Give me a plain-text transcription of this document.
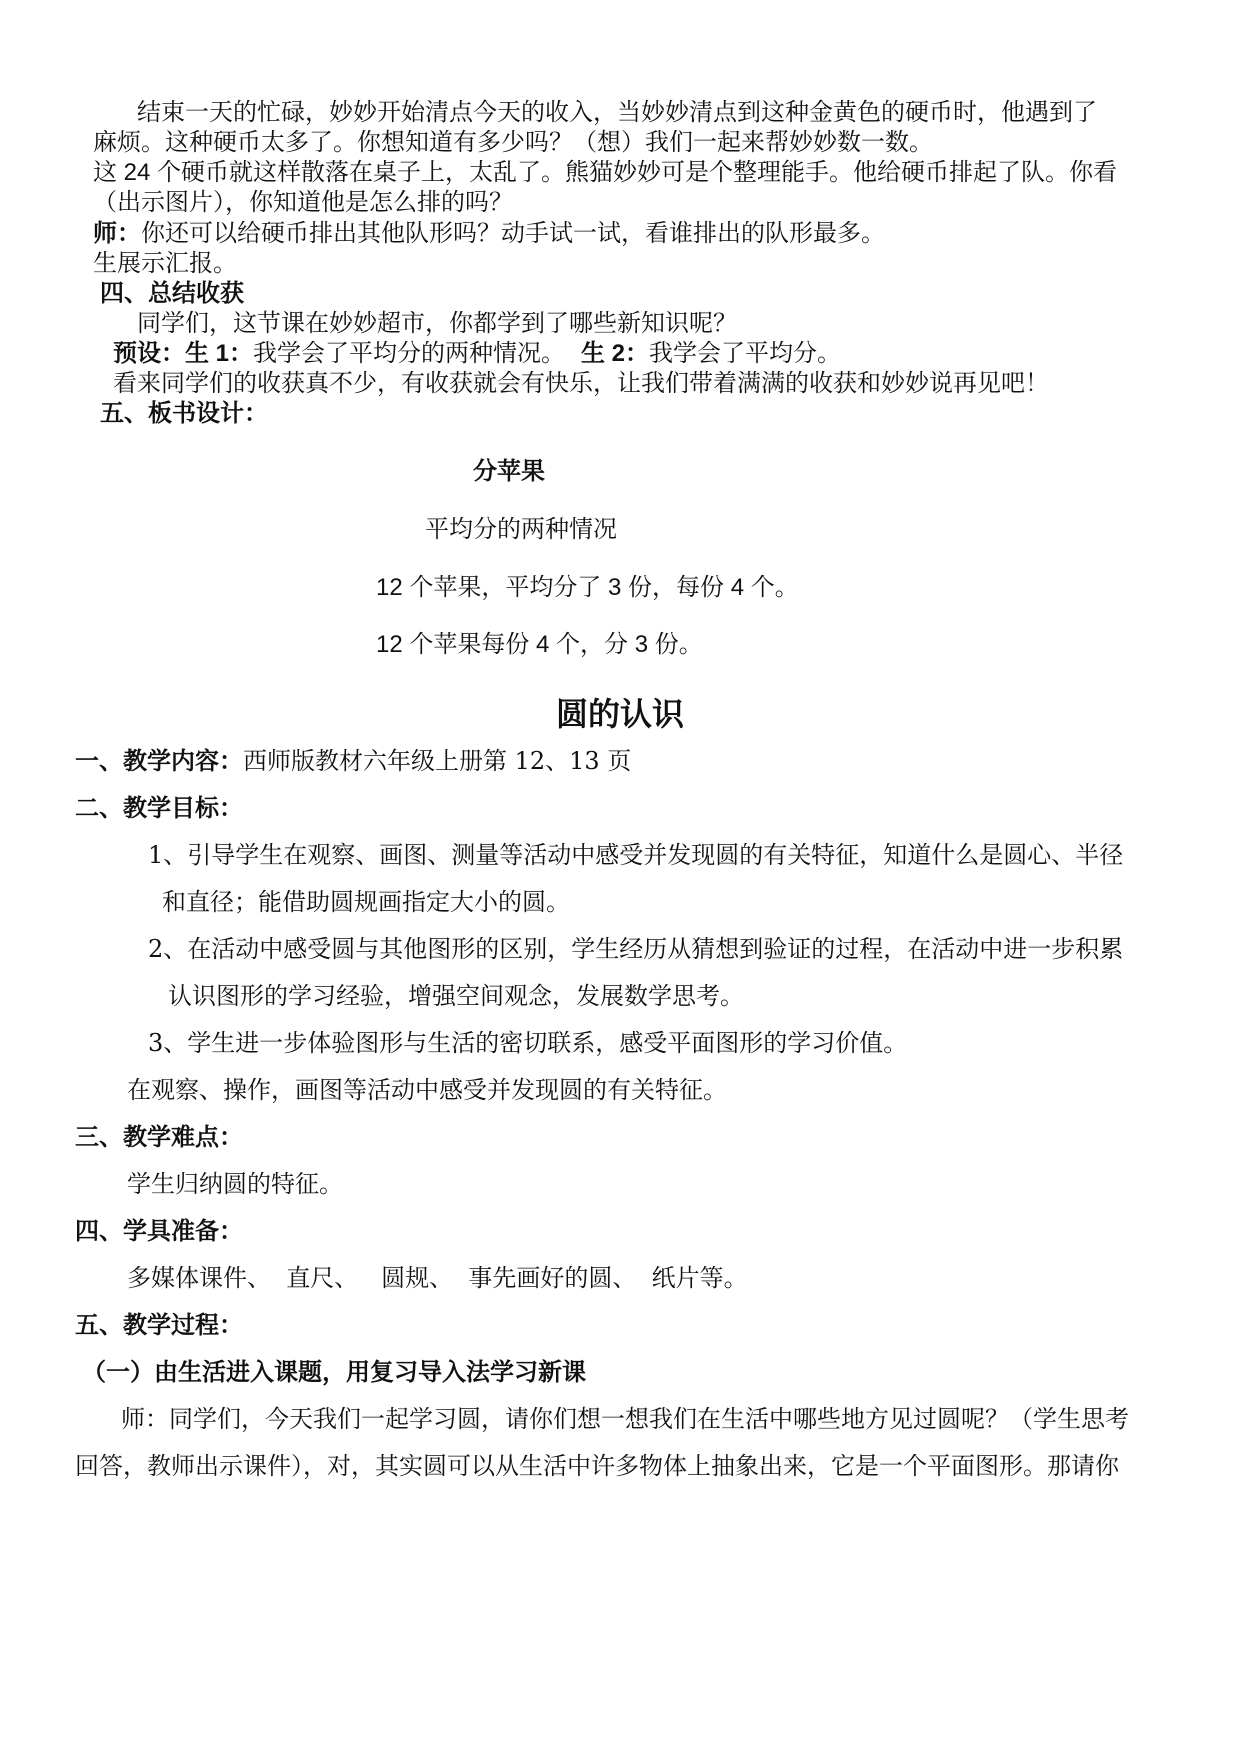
结束一天的忙碌，妙妙开始清点今天的收入，当妙妙清点到这种金黄色的硬币时，他遇到了
麻烦。这种硬币太多了。你想知道有多少吗？（想）我们一起来帮妙妙数一数。
这 24 个硬币就这样散落在桌子上，太乱了。熊猫妙妙可是个整理能手。他给硬币排起了队。你看
（出示图片），你知道他是怎么排的吗？
师：你还可以给硬币排出其他队形吗？动手试一试，看谁排出的队形最多。
生展示汇报。
四、总结收获
同学们，这节课在妙妙超市，你都学到了哪些新知识呢？
预设：生 1：我学会了平均分的两种情况。 生 2：我学会了平均分。
看来同学们的收获真不少，有收获就会有快乐，让我们带着满满的收获和妙妙说再见吧！
五、板书设计：
分苹果
平均分的两种情况
12 个苹果，平均分了 3 份，每份 4 个。
12 个苹果每份 4 个，分 3 份。
圆的认识
一、教学内容：西师版教材六年级上册第 12、13 页
二、教学目标：
1、引导学生在观察、画图、测量等活动中感受并发现圆的有关特征，知道什么是圆心、半径
和直径；能借助圆规画指定大小的圆。
2、在活动中感受圆与其他图形的区别，学生经历从猜想到验证的过程，在活动中进一步积累
认识图形的学习经验，增强空间观念，发展数学思考。
3、学生进一步体验图形与生活的密切联系，感受平面图形的学习价值。
在观察、操作，画图等活动中感受并发现圆的有关特征。
三、教学难点：
学生归纳圆的特征。
四、学具准备：
多媒体课件、  直尺、   圆规、  事先画好的圆、  纸片等。
五、教学过程：
（一）由生活进入课题，用复习导入法学习新课
师：同学们，今天我们一起学习圆，请你们想一想我们在生活中哪些地方见过圆呢？（学生思考
回答，教师出示课件），对，其实圆可以从生活中许多物体上抽象出来，它是一个平面图形。那请你
